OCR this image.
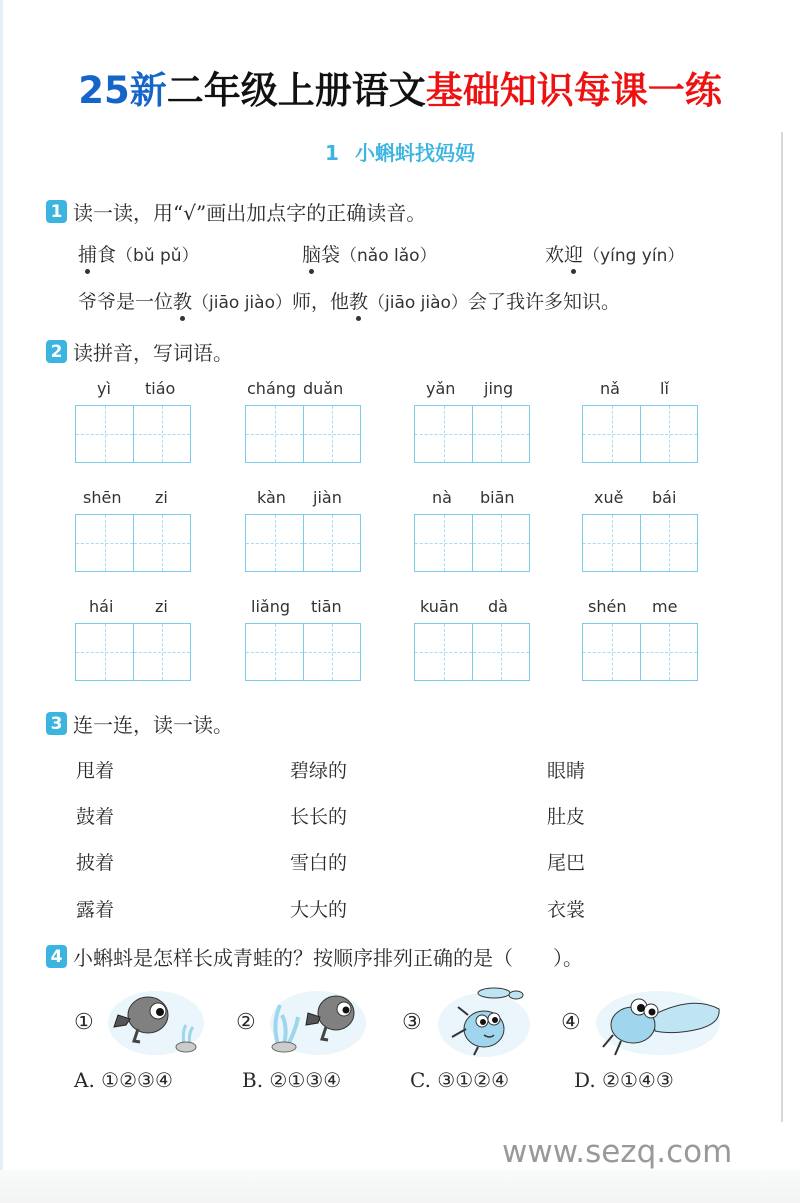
25新二年级上册语文基础知识每课一练
1 小蝌蚪找妈妈
1 读一读，用“√”画出加点字的正确读音。
捕食（bǔ pǔ）	脑袋（nǎo lǎo）	欢迎（yíng yín）
爷爷是一位教（jiāo jiào）师，他教（jiāo jiào）会了我许多知识。
2 读拼音，写词语。
yì tiáo	cháng duǎn	yǎn jing	nǎ	lǐ
shēn zi	kàn jiàn	nà biān	xuě bái
hái	zi	liǎng tiān	kuān dà	shén me
3 连一连，读一读。
甩着
鼓着
披着
露着
碧绿的
长长的
雪白的
大大的
眼睛
肚皮
尾巴
衣裳
4 小蝌蚪是怎样长成青蛙的？按顺序排列正确的是（　　）。
①	②	③	④
A. ①②③④	B. ②①③④	C. ③①②④	D. ②①④③
www.sezq.com
